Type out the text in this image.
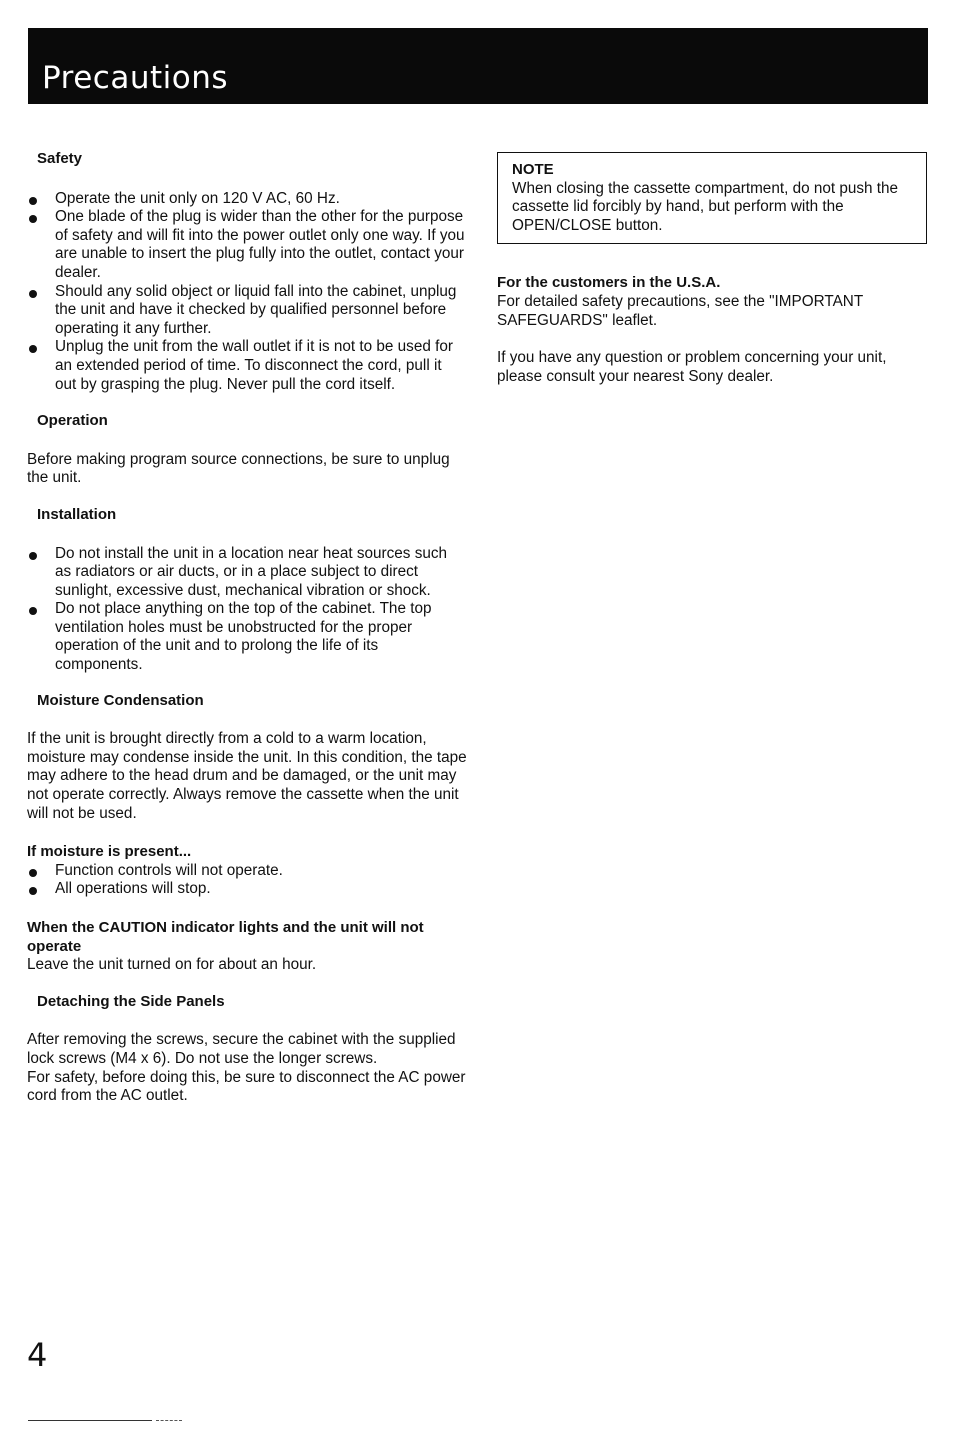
Precautions

Safety

Operate the unit only on 120 V AC, 60 Hz.
One blade of the plug is wider than the other for the purpose of safety and will fit into the power outlet only one way. If you are unable to insert the plug fully into the outlet, contact your dealer.
Should any solid object or liquid fall into the cabinet, unplug the unit and have it checked by qualified personnel before operating it any further.
Unplug the unit from the wall outlet if it is not to be used for an extended period of time. To disconnect the cord, pull it out by grasping the plug. Never pull the cord itself.

Operation

Before making program source connections, be sure to unplug the unit.

Installation

Do not install the unit in a location near heat sources such as radiators or air ducts, or in a place subject to direct sunlight, excessive dust, mechanical vibration or shock.
Do not place anything on the top of the cabinet. The top ventilation holes must be unobstructed for the proper operation of the unit and to prolong the life of its components.

Moisture Condensation

If the unit is brought directly from a cold to a warm location, moisture may condense inside the unit. In this condition, the tape may adhere to the head drum and be damaged, or the unit may not operate correctly. Always remove the cassette when the unit will not be used.

If moisture is present...

Function controls will not operate.
All operations will stop.

When the CAUTION indicator lights and the unit will not operate

Leave the unit turned on for about an hour.

Detaching the Side Panels

After removing the screws, secure the cabinet with the supplied lock screws (M4 x 6). Do not use the longer screws.

For safety, before doing this, be sure to disconnect the AC power cord from the AC outlet.

NOTE

When closing the cassette compartment, do not push the cassette lid forcibly by hand, but perform with the OPEN/CLOSE button.

For the customers in the U.S.A.

For detailed safety precautions, see the "IMPORTANT SAFEGUARDS" leaflet.

If you have any question or problem concerning your unit, please consult your nearest Sony dealer.

4
